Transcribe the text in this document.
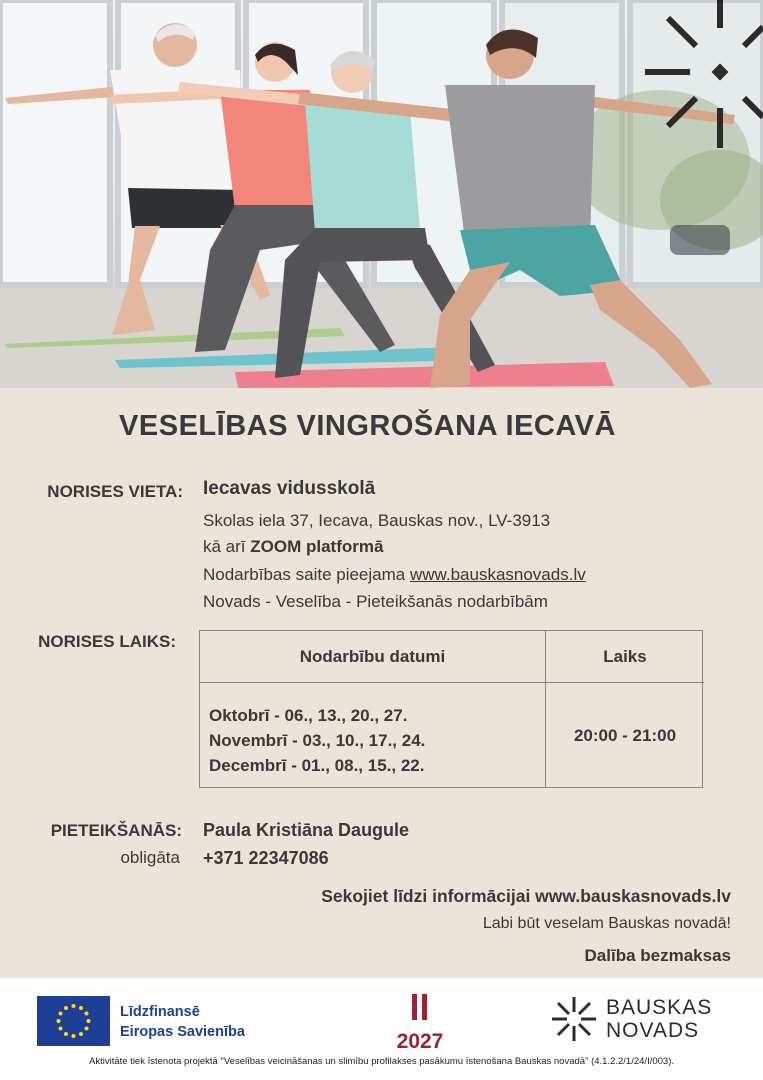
VESELĪBAS VINGROŠANA IECAVĀ
NORISES VIETA: Iecavas vidusskolā
Skolas iela 37, Iecava, Bauskas nov., LV-3913
kā arī ZOOM platformā
Nodarbības saite pieejama www.bauskasnovads.lv
Novads - Veselība - Pieteikšanās nodarbībām
NORISES LAIKS:
Nodarbību datumi	Laiks
Oktobrī - 06., 13., 20., 27.
Novembrī - 03., 10., 17., 24.
Decembrī - 01., 08., 15., 22.
20:00 - 21:00
PIETEIKŠANĀS:
obligāta
Paula Kristiāna Daugule
+371 22347086
Sekojiet līdzi informācijai www.bauskasnovads.lv
Labi būt veselam Bauskas novadā!
Dalība bezmaksas
Līdzfinansē
Eiropas Savienība	2027
BAUSKAS
NOVADS
Aktivitāte tiek īstenota projektā "Veselības veicināšanas un slimību profilakses pasākumu īstenošana Bauskas novadā" (4.1.2.2/1/24/I/003).
